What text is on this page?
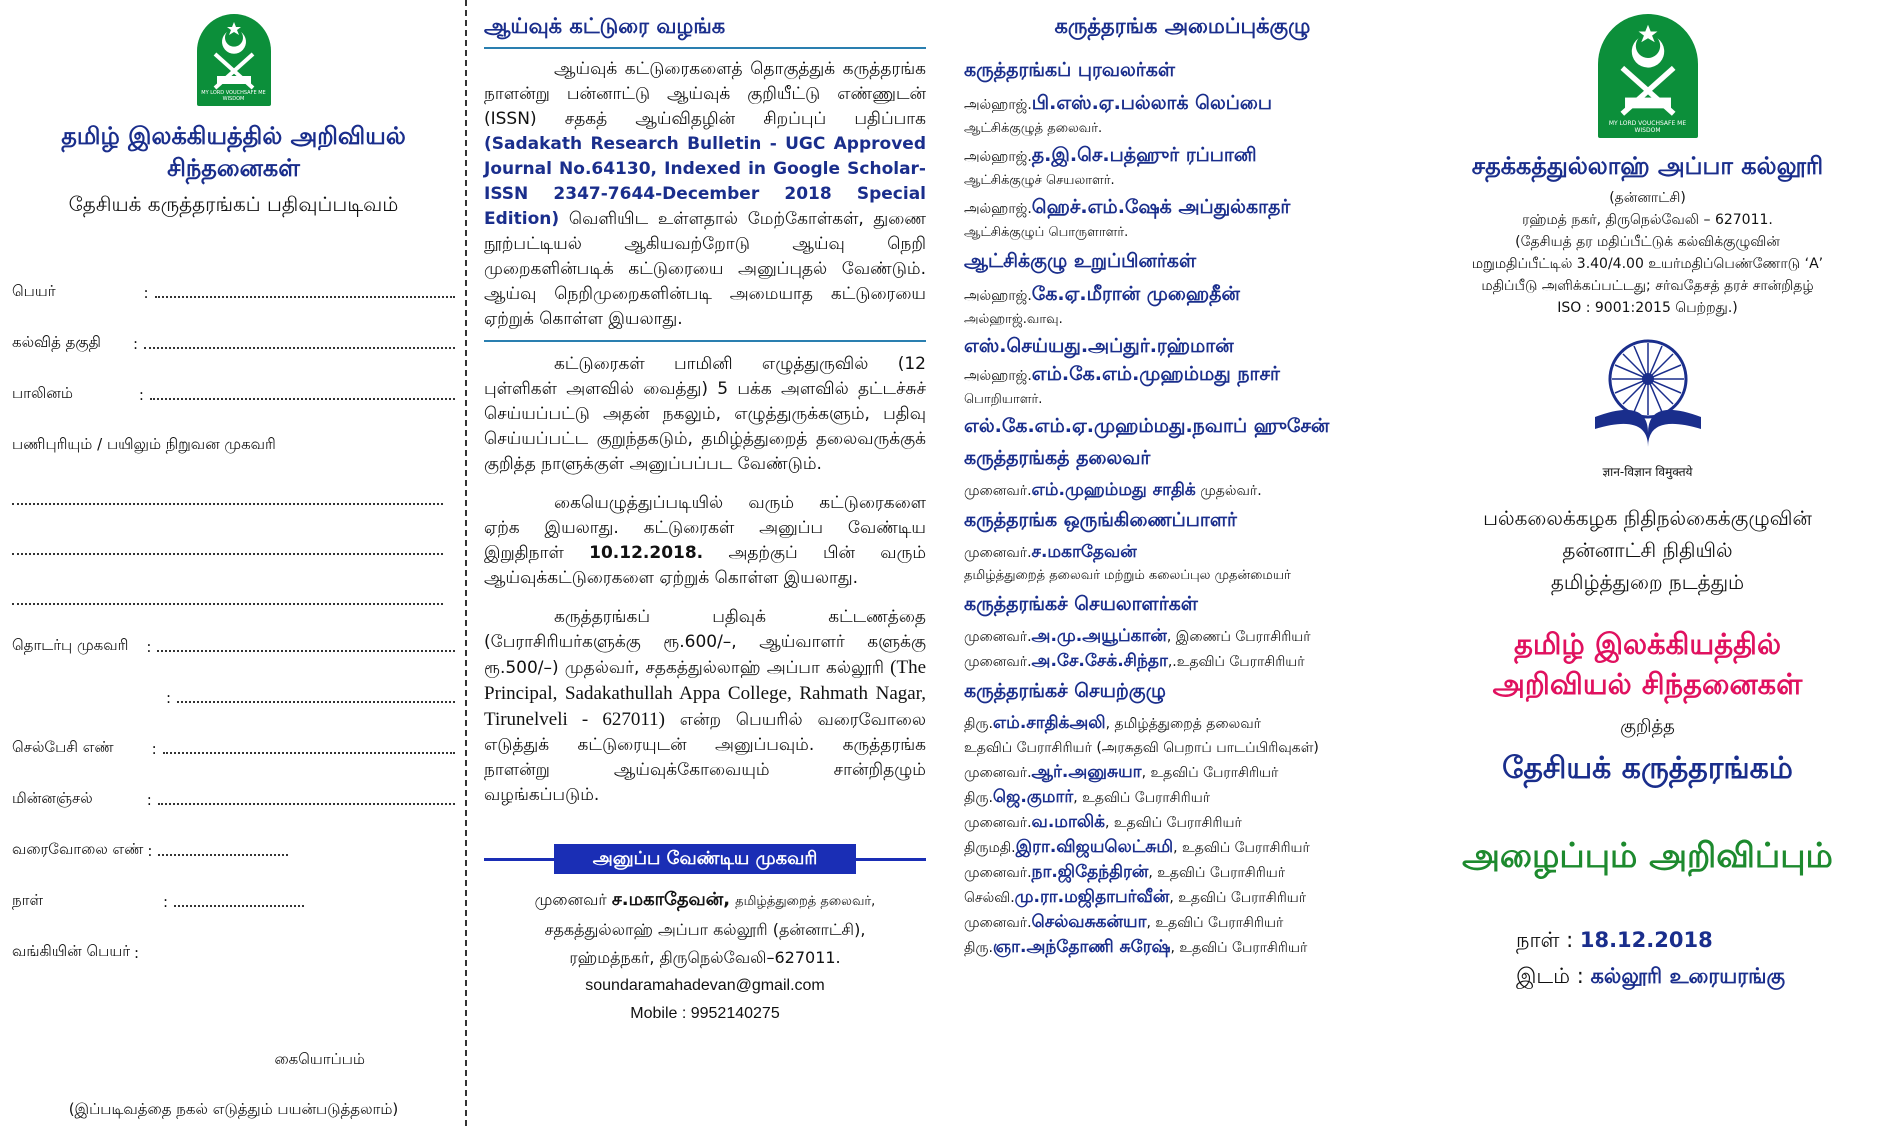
MY LORD VOUCHSAFE ME WISDOM
தமிழ் இலக்கியத்தில் அறிவியல் சிந்தனைகள்
தேசியக் கருத்தரங்கப் பதிவுப்படிவம்
பெயர்	:
கல்வித் தகுதி :
பாலினம்	:
பணிபுரியும் / பயிலும் நிறுவன முகவரி
தொடர்பு முகவரி :
:
செல்பேசி எண்	:
மின்னஞ்சல்	:
வரைவோலை எண் :
நாள்	:
வங்கியின் பெயர் :
கையொப்பம்
(இப்படிவத்தை நகல் எடுத்தும் பயன்படுத்தலாம்)
ஆய்வுக் கட்டுரை வழங்க

ஆய்வுக் கட்டுரைகளைத் தொகுத்துக் கருத்தரங்க நாளன்று பன்னாட்டு ஆய்வுக் குறியீட்டு எண்ணுடன் (ISSN) சதகத் ஆய்விதழின் சிறப்புப் பதிப்பாக (Sadakath Research Bulletin - UGC Approved Journal No.64130, Indexed in Google Scholar-ISSN 2347-7644-December 2018 Special Edition) வெளியிட உள்ளதால் மேற்கோள்கள், துணை நூற்பட்டியல் ஆகியவற்றோடு ஆய்வு நெறி முறைகளின்படிக் கட்டுரையை அனுப்புதல் வேண்டும். ஆய்வு நெறிமுறைகளின்படி அமையாத கட்டுரையை ஏற்றுக் கொள்ள இயலாது.

கட்டுரைகள் பாமினி எழுத்துருவில் (12 புள்ளிகள் அளவில் வைத்து) 5 பக்க அளவில் தட்டச்சுச் செய்யப்பட்டு அதன் நகலும், எழுத்துருக்களும், பதிவு செய்யப்பட்ட குறுந்தகடும், தமிழ்த்துறைத் தலைவருக்குக் குறித்த நாளுக்குள் அனுப்பப்பட வேண்டும்.

கையெழுத்துப்படியில் வரும் கட்டுரைகளை ஏற்க இயலாது. கட்டுரைகள் அனுப்ப வேண்டிய இறுதிநாள் 10.12.2018. அதற்குப் பின் வரும் ஆய்வுக்கட்டுரைகளை ஏற்றுக் கொள்ள இயலாது.

கருத்தரங்கப் பதிவுக் கட்டணத்தை (பேராசிரியர்களுக்கு ரூ.600/–, ஆய்வாளர் களுக்கு ரூ.500/–) முதல்வர், சதகத்துல்லாஹ் அப்பா கல்லூரி (The Principal, Sadakathullah Appa College, Rahmath Nagar, Tirunelveli - 627011) என்ற பெயரில் வரைவோலை எடுத்துக் கட்டுரையுடன் அனுப்பவும். கருத்தரங்க நாளன்று ஆய்வுக்கோவையும் சான்றிதழும் வழங்கப்படும்.

அனுப்ப வேண்டிய முகவரி
முனைவர் ச.மகாதேவன், தமிழ்த்துறைத் தலைவர்,
சதகத்துல்லாஹ் அப்பா கல்லூரி (தன்னாட்சி),
ரஹ்மத்நகர், திருநெல்வேலி–627011.
soundaramahadevan@gmail.com
Mobile : 9952140275
கருத்தரங்க அமைப்புக்குழு
கருத்தரங்கப் புரவலர்கள்
அல்ஹாஜ்.பி.எஸ்.ஏ.பல்லாக் லெப்பை
ஆட்சிக்குழுத் தலைவர்.
அல்ஹாஜ்.த.இ.செ.பத்ஹுர் ரப்பானி
ஆட்சிக்குழுச் செயலாளர்.
அல்ஹாஜ்.ஹெச்.எம்.ஷேக் அப்துல்காதர்
ஆட்சிக்குழுப் பொருளாளர்.
ஆட்சிக்குழு உறுப்பினர்கள்
அல்ஹாஜ்.கே.ஏ.மீரான் முஹைதீன்
அல்ஹாஜ்.வாவு.
எஸ்.செய்யது.அப்துர்.ரஹ்மான்
அல்ஹாஜ்.எம்.கே.எம்.முஹம்மது நாசர்
பொறியாளர்.
எல்.கே.எம்.ஏ.முஹம்மது.நவாப் ஹுசேன்
கருத்தரங்கத் தலைவர்
முனைவர்.எம்.முஹம்மது சாதிக் முதல்வர்.
கருத்தரங்க ஒருங்கிணைப்பாளர்
முனைவர்.ச.மகாதேவன்
தமிழ்த்துறைத் தலைவர் மற்றும் கலைப்புல முதன்மையர்
கருத்தரங்கச் செயலாளர்கள்
முனைவர்.அ.மு.அயூப்கான், இணைப் பேராசிரியர்
முனைவர்.அ.சே.சேக்.சிந்தா,.உதவிப் பேராசிரியர்
கருத்தரங்கச் செயற்குழு
திரு.எம்.சாதிக்அலி, தமிழ்த்துறைத் தலைவர்
உதவிப் பேராசிரியர் (அரசுதவி பெறாப் பாடப்பிரிவுகள்)
முனைவர்.ஆர்.அனுசுயா, உதவிப் பேராசிரியர்
திரு.ஜெ.குமார், உதவிப் பேராசிரியர்
முனைவர்.வ.மாலிக், உதவிப் பேராசிரியர்
திருமதி.இரா.விஜயலெட்சுமி, உதவிப் பேராசிரியர்
முனைவர்.நா.ஜிதேந்திரன், உதவிப் பேராசிரியர்
செல்வி.மு.ரா.மஜிதாபர்வீன், உதவிப் பேராசிரியர்
முனைவர்.செல்வசுகன்யா, உதவிப் பேராசிரியர்
திரு.ஞா.அந்தோணி சுரேஷ், உதவிப் பேராசிரியர்
MY LORD VOUCHSAFE ME WISDOM
சதக்கத்துல்லாஹ் அப்பா கல்லூரி
(தன்னாட்சி)
ரஹ்மத் நகர், திருநெல்வேலி – 627011.
(தேசியத் தர மதிப்பீட்டுக் கல்விக்குழுவின்
மறுமதிப்பீட்டில் 3.40/4.00 உயர்மதிப்பெண்ணோடு ‘A’
மதிப்பீடு அளிக்கப்பட்டது; சர்வதேசத் தரச் சான்றிதழ்
ISO : 9001:2015 பெற்றது.)
ज्ञान-विज्ञान विमुक्तये
பல்கலைக்கழக நிதிநல்கைக்குழுவின்
தன்னாட்சி நிதியில்
தமிழ்த்துறை நடத்தும்
தமிழ் இலக்கியத்தில்
அறிவியல் சிந்தனைகள்
குறித்த
தேசியக் கருத்தரங்கம்
அழைப்பும் அறிவிப்பும்
நாள் : 18.12.2018
இடம் : கல்லூரி உரையரங்கு
